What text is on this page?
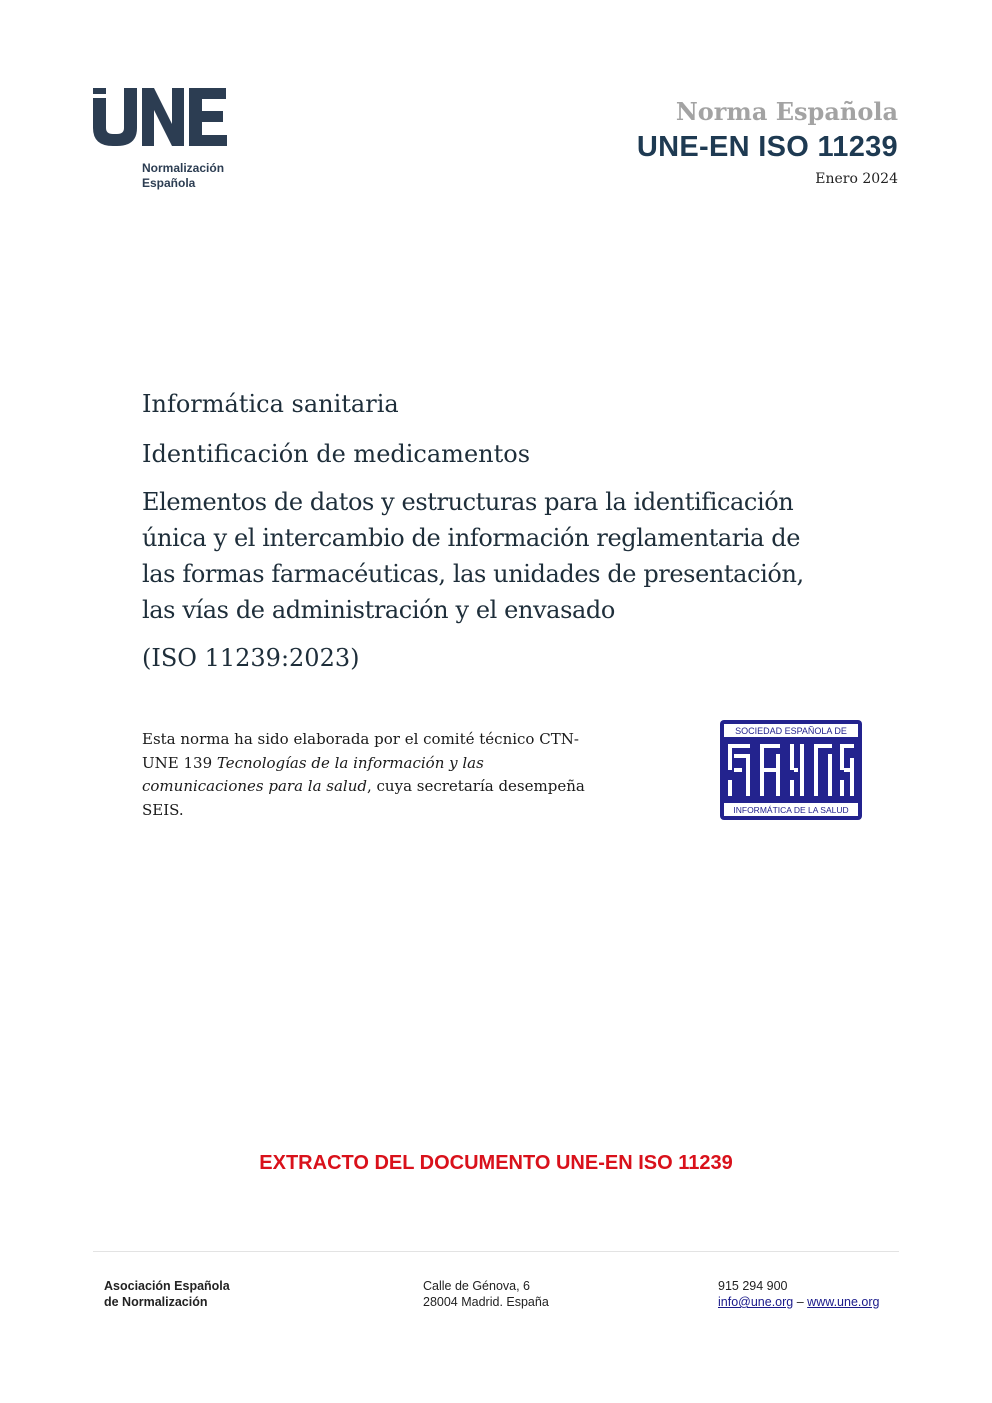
Normalización
Española
Norma Española
UNE-EN ISO 11239
Enero 2024
Informática sanitaria
Identificación de medicamentos
Elementos de datos y estructuras para la identificación
única y el intercambio de información reglamentaria de
las formas farmacéuticas, las unidades de presentación,
las vías de administración y el envasado
(ISO 11239:2023)
Esta norma ha sido elaborada por el comité técnico CTN-UNE 139 Tecnologías de la información y las comunicaciones para la salud, cuya secretaría desempeña SEIS.
SOCIEDAD ESPAÑOLA DE
INFORMÁTICA DE LA SALUD
EXTRACTO DEL DOCUMENTO UNE-EN ISO 11239
Asociación Española
de Normalización
Calle de Génova, 6
28004 Madrid. España
915 294 900
info@une.org – www.une.org
